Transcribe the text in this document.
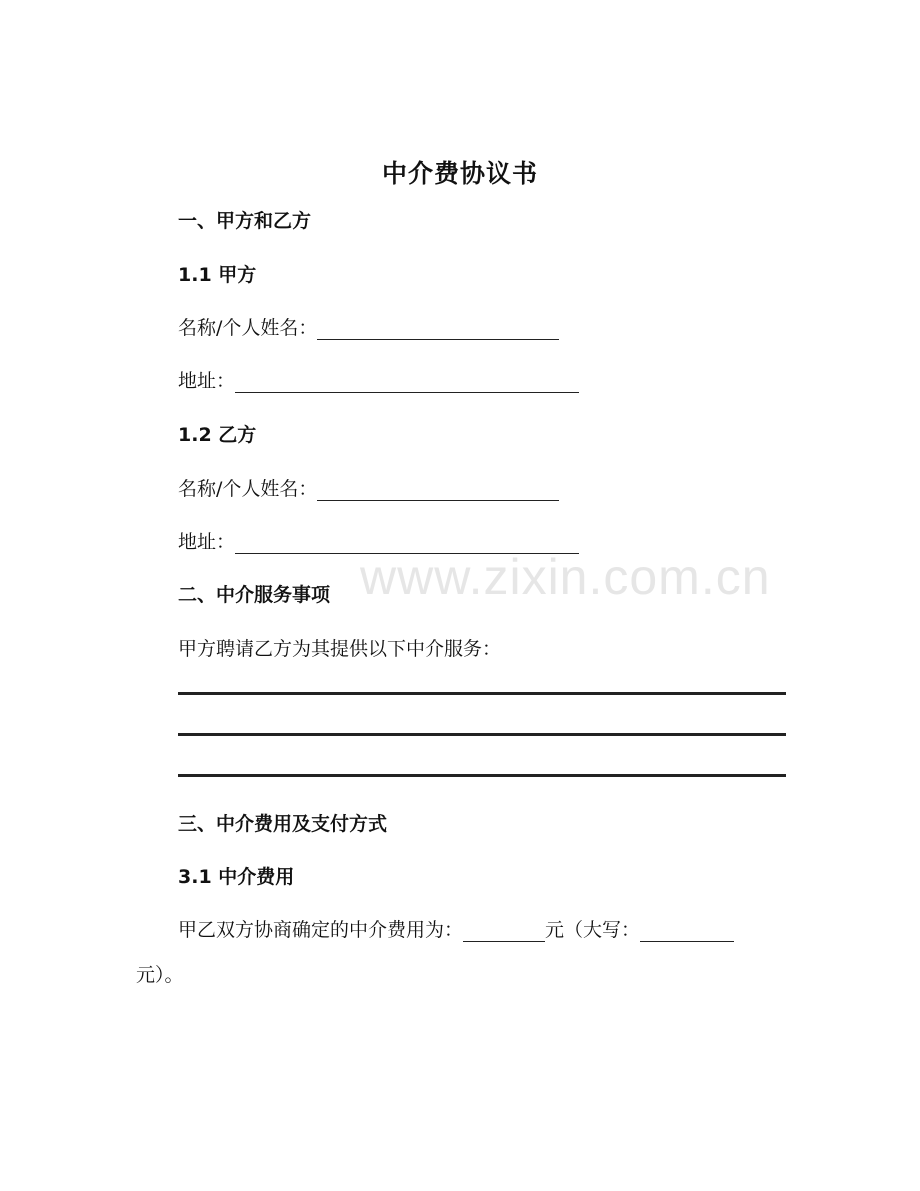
www.zixin.com.cn
中介费协议书
一、甲方和乙方
1.1 甲方
名称/个人姓名：
地址：
1.2 乙方
名称/个人姓名：
地址：
二、中介服务事项
甲方聘请乙方为其提供以下中介服务：
三、中介费用及支付方式
3.1 中介费用
甲乙双方协商确定的中介费用为：	元（大写：
元）。
